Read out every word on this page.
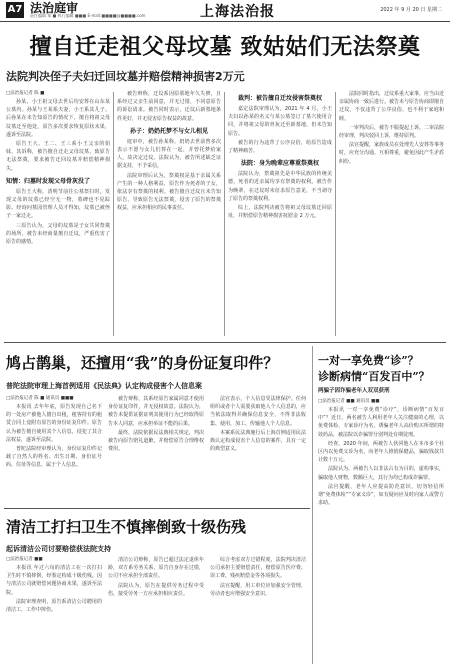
A7 法治庭审
责任编辑 郑 ■ 执行编辑 ■■■ E-mail:■■■■@■■■■.com	上海法治报	2022 年 9 月 20 日 星期二
擅自迁走祖父母坟墓 致姑姑们无法祭奠
法院判决侄子夫妇迁回坟墓并赔偿精神损害2万元
□法治报记者 陈 ■

孙某、小王祖父母去世后均安葬在山东某公墓内。孙某与王某系夫妻，小王系其儿子。后孙某在未告知原告的情况下，擅自将祖父母坟墓迁至他处，原告多次要求恢复原状未果，遂诉至法院。

原告王大、王二、王三系小王父亲的姐妹，其诉称，被告擅自迁走父母坟墓，致原告无法祭奠，要求被告迁回坟墓并赔偿精神损失。

知情：归墓时发现父母骨灰没了

原告王大称，清明节前往公墓祭扫时，发现父母的坟墓已经空无一物，墓碑也不见踪影。经询问墓园管理人员才得知，坟墓已被侄子一家迁走。

三原告认为，父母的坟墓是子女共同祭奠的场所，被告未经商量擅自迁坟，严重伤害了原告的感情。

被告辩称，迁坟系因原墓地年久失修，且系经过父亲生前同意，并无过错，不同意原告的诉讼请求。被告同时表示，迁坟后新墓地条件更好，并无侵害原告权益的故意。

孙子：奶奶托梦不与女儿相见

庭审中，被告孙某称，奶奶去世前曾多次表示不愿与女儿们葬在一起，并曾托梦给家人，故决定迁坟。法院认为，被告所述缺乏证据支持，不予采信。

法院审理后认为，祭奠权是基于亲属关系产生的一种人格利益，原告作为死者的子女，依法享有祭奠的权利。被告擅自迁坟且未告知原告，导致原告无法祭奠，侵害了原告的祭奠权益，应承担相应的民事责任。

裁判：被告擅自迁坟侵害祭奠权

嘉定法院审理认为，2021 年 4 月，小王夫妇以孙某的名义与某公墓签订了墓穴使用合同，并将祖父母的骨灰迁至新墓地，但未告知原告。

被告的行为违背了公序良俗，给原告造成了精神痛苦。

法院：身为晚辈应尊重祭奠权

法院认为，祭奠祖先是中华民族的传统美德，死者的近亲属均享有祭奠的权利。被告作为晚辈，在迁坟时未征求原告意见，不当剥夺了原告的祭奠权利。

综上，法院判决被告将祖父母坟墓迁回原址，并赔偿原告精神损害抚慰金 2 万元。

法院同时指出，迁坟系重大家事，应当由近亲属协商一致后进行。被告未与原告协商即擅自迁坟，不仅违背了公序良俗，也不利于家庭和睦。

一审判决后，被告不服提起上诉。二审法院经审理，判决驳回上诉，维持原判。

法官提醒，家族成员在处理先人安葬等事务时，应充分沟通、互相尊重，避免因此产生矛盾纠纷。

鸠占鹊巢，还擅用“我”的身份证复印件？
普陀法院审理上海首例适用《民法典》认定构成侵害个人信息案
□法治报记者 陈 ■ 通讯员 ■■■

本报讯 去年年底，原告发现自己名下的一处房产被他人擅自出租，租客持有的租赁合同上竟附有原告的身份证复印件。原告认为被告擅自使用其个人信息，侵犯了其合法权益，遂诉至法院。

普陀法院经审理认为，身份证复印件记载了自然人的姓名、出生日期、身份证号码、住址等信息，属于个人信息。

被告辩称，其系经原告家属同意才使用身份证复印件，并无侵权故意。法院认为，被告未提供证据证明其使用行为已经取得原告本人同意，应承担举证不能的后果。

最终，法院依据民法典相关规定，判决被告向原告赔礼道歉，并赔偿原告合理维权费用。

法官表示，个人信息受法律保护。任何组织或者个人需要获取他人个人信息的，应当依法取得并确保信息安全，不得非法收集、使用、加工、传输他人个人信息。

本案系民法典施行后上海首例适用民法典认定构成侵害个人信息的案件，具有一定的典型意义。

一对一享免费“诊”？
诊断病情“百发百中”？
两骗子因诈骗老年人双双获刑
□法治报记者 ■■ 通讯员 ■■

本报讯 一对一享免费“诊疗”，诊断病情“百发百中”？近日，两名被告人利用老年人关注健康的心理，以免费体检、专家诊疗为名，诱骗老年人高价购买所谓的特效药品，被法院以诈骗罪分别判处有期徒刑。

经查，2020 年间，两被告人伙同他人在本市多个社区内以免费义诊为名，向老年人推销保健品，骗取钱款共计数十万元。

法院认为，两被告人以非法占有为目的，虚构事实，骗取他人财物，数额巨大，其行为均已构成诈骗罪。

法官提醒，老年人应提高防范意识，切勿轻信所谓“免费体检”“专家义诊”，如有疑问应及时向家人或警方求助。

清洁工打扫卫生不慎摔倒致十级伤残
起诉清洁公司讨要赔偿获法院支持
□法治报记者 ■■

本报讯 年过六旬的清洁工在一次打扫卫生时不慎摔倒，经鉴定构成十级伤残。因与清洁公司就赔偿问题协商未果，遂诉至法院。

法院审理查明，原告系清洁公司聘用的清洁工，工作中摔伤。

清洁公司辩称，原告已超过法定退休年龄，双方系劳务关系，原告自身存在过错，公司不应承担全部责任。

法院认为，原告在提供劳务过程中受伤，接受劳务一方应承担相应责任。

综合考虑双方过错程度，法院判决清洁公司承担主要赔偿责任，赔偿原告医疗费、误工费、残疾赔偿金等各项损失。

法官提醒，用工单位应加强安全管理，劳动者也应增强安全意识。
